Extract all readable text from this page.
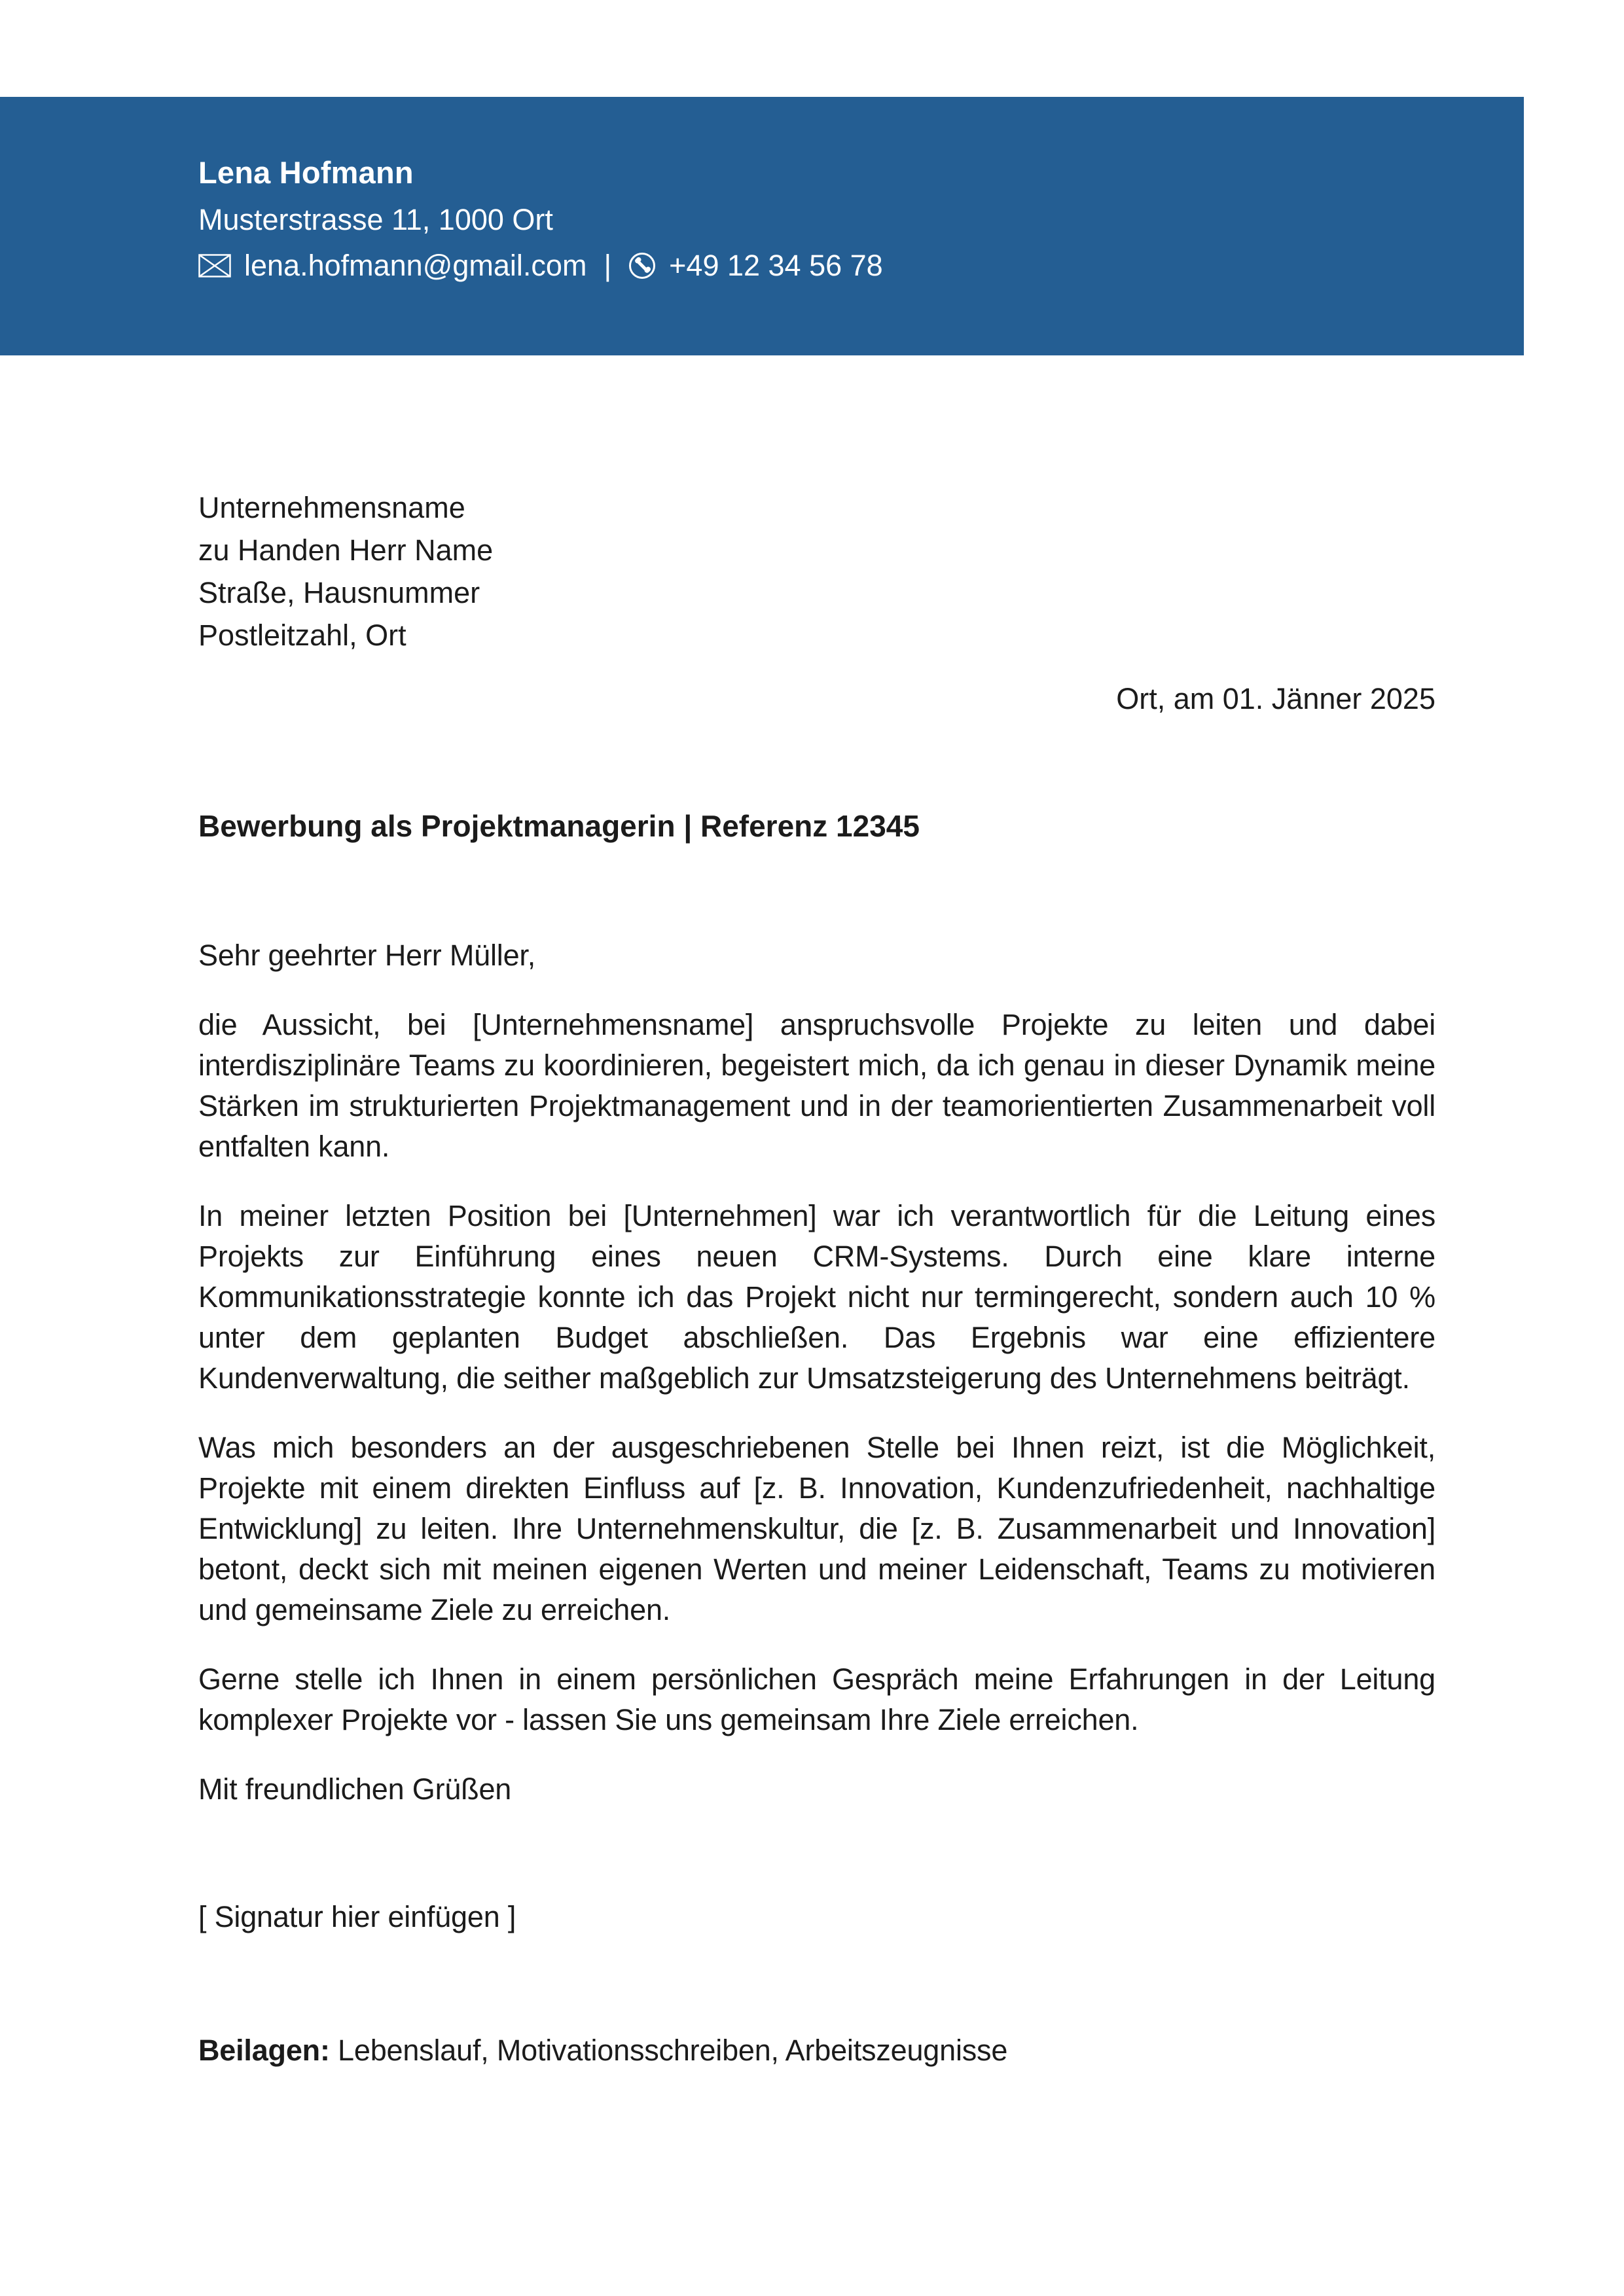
Lena Hofmann
Musterstrasse 11, 1000 Ort
lena.hofmann@gmail.com | +49 12 34 56 78
Unternehmensname
zu Handen Herr Name
Straße, Hausnummer
Postleitzahl, Ort
Ort, am 01. Jänner 2025
Bewerbung als Projektmanagerin | Referenz 12345

Sehr geehrter Herr Müller,

die Aussicht, bei [Unternehmensname] anspruchsvolle Projekte zu leiten und dabei interdisziplinäre Teams zu koordinieren, begeistert mich, da ich genau in dieser Dynamik meine Stärken im strukturierten Projektmanagement und in der teamorientierten Zusammenarbeit voll entfalten kann.

In meiner letzten Position bei [Unternehmen] war ich verantwortlich für die Leitung eines Projekts zur Einführung eines neuen CRM-Systems. Durch eine klare interne Kommunikationsstrategie konnte ich das Projekt nicht nur termingerecht, sondern auch 10 % unter dem geplanten Budget abschließen. Das Ergebnis war eine effizientere Kundenverwaltung, die seither maßgeblich zur Umsatzsteigerung des Unternehmens beiträgt.

Was mich besonders an der ausgeschriebenen Stelle bei Ihnen reizt, ist die Möglichkeit, Projekte mit einem direkten Einfluss auf [z. B. Innovation, Kundenzufriedenheit, nachhaltige Entwicklung] zu leiten. Ihre Unternehmenskultur, die [z. B. Zusammenarbeit und Innovation] betont, deckt sich mit meinen eigenen Werten und meiner Leidenschaft, Teams zu motivieren und gemeinsame Ziele zu erreichen.

Gerne stelle ich Ihnen in einem persönlichen Gespräch meine Erfahrungen in der Leitung komplexer Projekte vor - lassen Sie uns gemeinsam Ihre Ziele erreichen.

Mit freundlichen Grüßen

[ Signatur hier einfügen ]

Beilagen: Lebenslauf, Motivationsschreiben, Arbeitszeugnisse
